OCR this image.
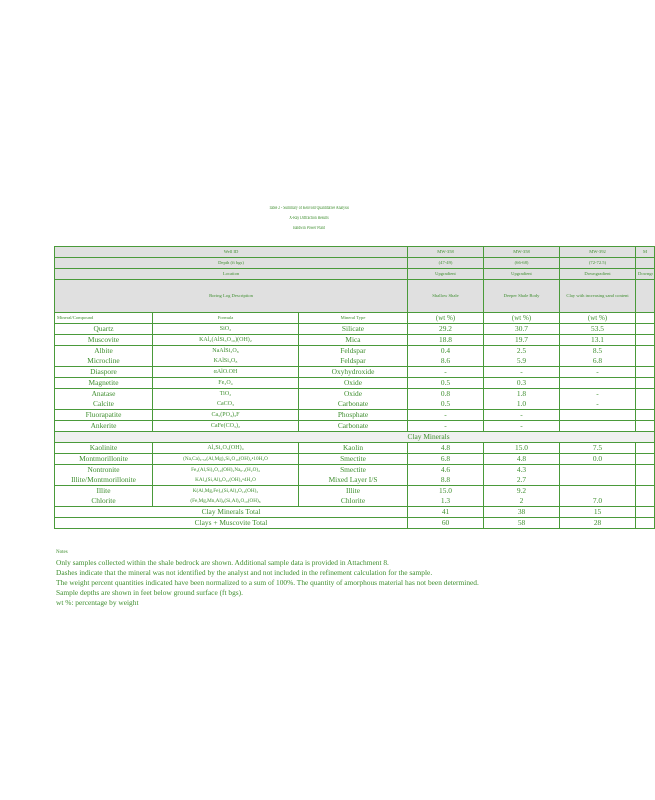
Table 2 - Summary of Kenvold Quantitative Analysis
X-Ray Diffraction Results
Baldwin Power Plant
Well ID			MW-358	MW-358	MW-392	M
Depth (ft bgs)			(47-49)	(66-68)	(72-72.5)	
Location			Upgradient	Upgradient	Downgradient	Downgr
Boring Log Description			Shallow Shale	Deeper Shale Body	Clay with increasing sand content	
Mineral/Compound	Formula	Mineral Type	(wt %)	(wt %)	(wt %)	
Quartz	SiO₂	Silicate	29.2	30.7	53.5	
Muscovite	KAl₂(AlSi₃O₁₀)(OH)₂	Mica	18.8	19.7	13.1	
Albite	NaAlSi₃O₈	Feldspar	0.4	2.5	8.5	
Microcline	KAlSi₃O₈	Feldspar	8.6	5.9	6.8	
Diaspore	αAlO.OH	Oxyhydroxide	-	-	-	
Magnetite	Fe₃O₄	Oxide	0.5	0.3		
Anatase	TiO₂	Oxide	0.8	1.8	-	
Calcite	CaCO₃	Carbonate	0.5	1.0	-	
Fluorapatite	Ca₅(PO₄)₃F	Phosphate	-	-		
Ankerite	CaFe(CO₃)₂	Carbonate	-	-		
			Clay Minerals			
Kaolinite	Al₂Si₂O₅(OH)₄	Kaolin	4.8	15.0	7.5	
Montmorillonite	(Na,Ca)₀.₃₃(Al,Mg)₂Si₄O₁₀(OH)₂•10H₂O	Smectite	6.8	4.8	0.0	
Nontronite	Fe₂(Al,Si)₄O₁₀(OH)₂Na₀.₃(H₂O)₄	Smectite	4.6	4.3		
Illite/Montmorillonite	KAl₄(Si,Al)₈O₁₀(OH)₄•4H₂O	Mixed Layer I/S	8.8	2.7		
Illite	K(Al,Mg,Fe)₂(Si,Al)₄O₁₀(OH)₂	Illite	15.0	9.2		
Chlorite	(Fe,Mg,Mn,Al)₆(Si,Al)₄O₁₀(OH)₈	Chlorite	1.3	2	7.0	
Clay Minerals Total			41	38	15	
Clays + Muscovite Total			60	58	28	
Notes
Only samples collected within the shale bedrock are shown. Additional sample data is provided in Attachment 8.
Dashes indicate that the mineral was not identified by the analyst and not included in the refinement calculation for the sample.
The weight percent quantities indicated have been normalized to a sum of 100%. The quantity of amorphous material has not been determined.
Sample depths are shown in feet below ground surface (ft bgs).
wt %: percentage by weight
